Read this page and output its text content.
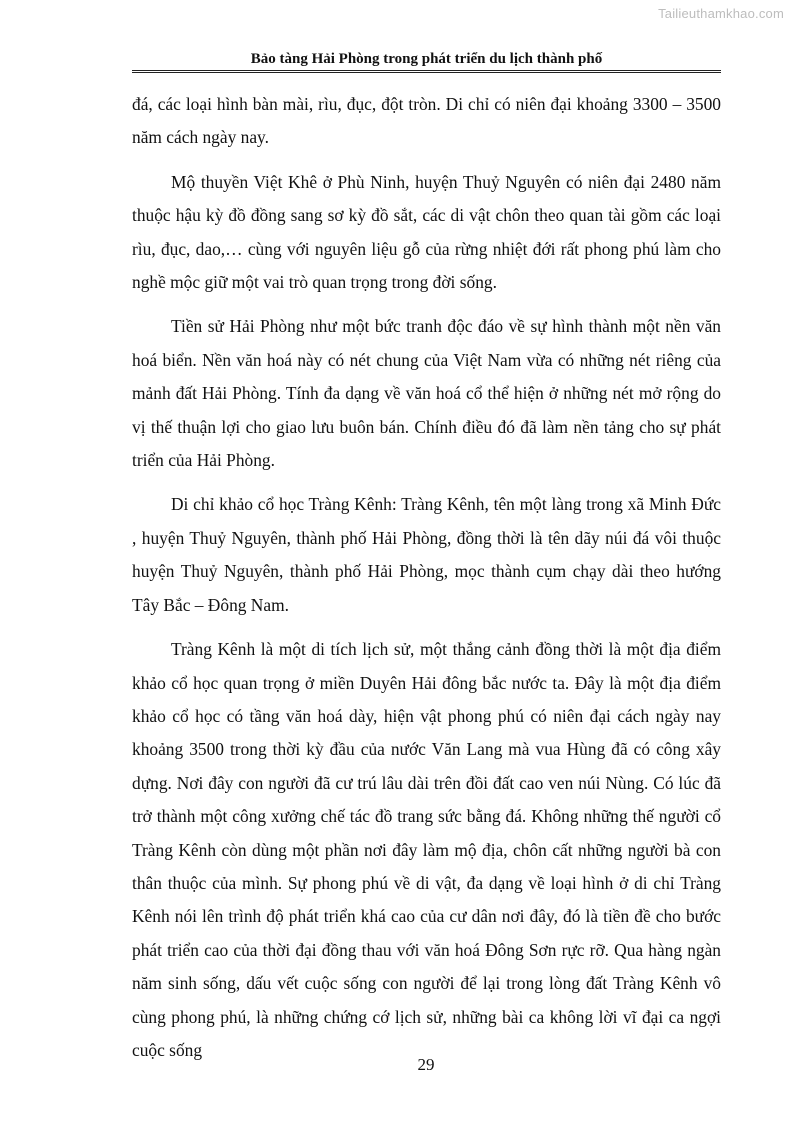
Tailieuthamkhao.com
Bảo tàng Hải Phòng trong phát triển du lịch thành phố

đá, các loại hình bàn mài, rìu, đục, đột tròn. Di chỉ có niên đại khoảng 3300 – 3500 năm cách ngày nay.

Mộ thuyền Việt Khê ở Phù Ninh, huyện Thuỷ Nguyên có niên đại 2480 năm thuộc hậu kỳ đồ đồng sang sơ kỳ đồ sắt, các di vật chôn theo quan tài gồm các loại rìu, đục, dao,… cùng với nguyên liệu gỗ của rừng nhiệt đới rất phong phú làm cho nghề mộc giữ một vai trò quan trọng trong đời sống.

Tiền sử Hải Phòng như một bức tranh độc đáo về sự hình thành một nền văn hoá biển. Nền văn hoá này có nét chung của Việt Nam vừa có những nét riêng của mảnh đất Hải Phòng. Tính đa dạng về văn hoá cổ thể hiện ở những nét mở rộng do vị thế thuận lợi cho giao lưu buôn bán. Chính điều đó đã làm nền tảng cho sự phát triển của Hải Phòng.

Di chỉ khảo cổ học Tràng Kênh: Tràng Kênh, tên một làng trong xã Minh Đức , huyện Thuỷ Nguyên, thành phố Hải Phòng, đồng thời là tên dãy núi đá vôi thuộc huyện Thuỷ Nguyên, thành phố Hải Phòng, mọc thành cụm chạy dài theo hướng Tây Bắc – Đông Nam.

Tràng Kênh là một di tích lịch sử, một thắng cảnh đồng thời là một địa điểm khảo cổ học quan trọng ở miền Duyên Hải đông bắc nước ta. Đây là một địa điểm khảo cổ học có tầng văn hoá dày, hiện vật phong phú có niên đại cách ngày nay khoảng 3500 trong thời kỳ đầu của nước Văn Lang mà vua Hùng đã có công xây dựng. Nơi đây con người đã cư trú lâu dài trên đồi đất cao ven núi Nùng. Có lúc đã trở thành một công xưởng chế tác đồ trang sức bằng đá. Không những thế người cổ Tràng Kênh còn dùng một phần nơi đây làm mộ địa, chôn cất những người bà con thân thuộc của mình. Sự phong phú về di vật, đa dạng về loại hình ở di chỉ Tràng Kênh nói lên trình độ phát triển khá cao của cư dân nơi đây, đó là tiền đề cho bước phát triển cao của thời đại đồng thau với văn hoá Đông Sơn rực rỡ. Qua hàng ngàn năm sinh sống, dấu vết cuộc sống con người để lại trong lòng đất Tràng Kênh vô cùng phong phú, là những chứng cớ lịch sử, những bài ca không lời vĩ đại ca ngợi cuộc sống

29
